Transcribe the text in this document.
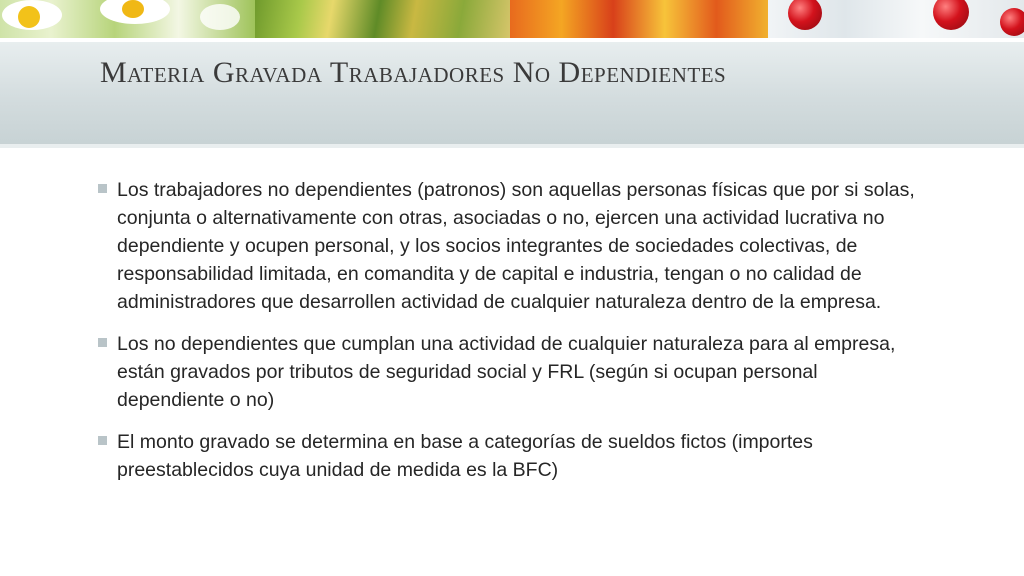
Materia Gravada Trabajadores No Dependientes
Los trabajadores no dependientes (patronos) son aquellas personas físicas que por si solas, conjunta o alternativamente con otras, asociadas o no, ejercen una actividad lucrativa no dependiente y ocupen personal, y los socios integrantes de sociedades colectivas, de responsabilidad limitada, en comandita y de capital e industria, tengan o no calidad de administradores que desarrollen actividad de cualquier naturaleza dentro de la empresa.
Los no dependientes que cumplan una actividad de cualquier naturaleza para al empresa, están gravados por tributos de seguridad social y FRL (según si ocupan personal dependiente o no)
El monto gravado se determina en base a categorías de sueldos fictos (importes preestablecidos cuya unidad de medida es la BFC)
